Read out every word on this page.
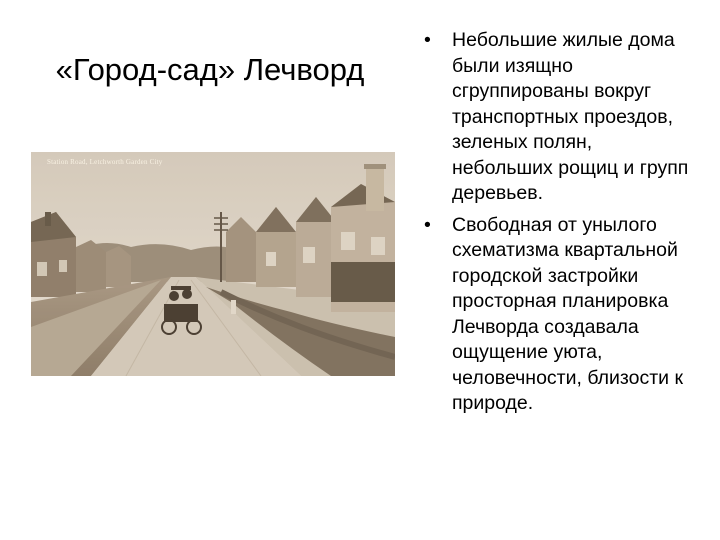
«Город-сад» Лечворд
Station Road, Letchworth Garden City
• Небольшие жилые дома были изящно сгруппированы вокруг транспортных проездов, зеленых полян, небольших рощиц и групп деревьев.
• Свободная от унылого схематизма квартальной городской застройки просторная планировка Лечворда создавала ощущение уюта, человечности, близости к природе.
